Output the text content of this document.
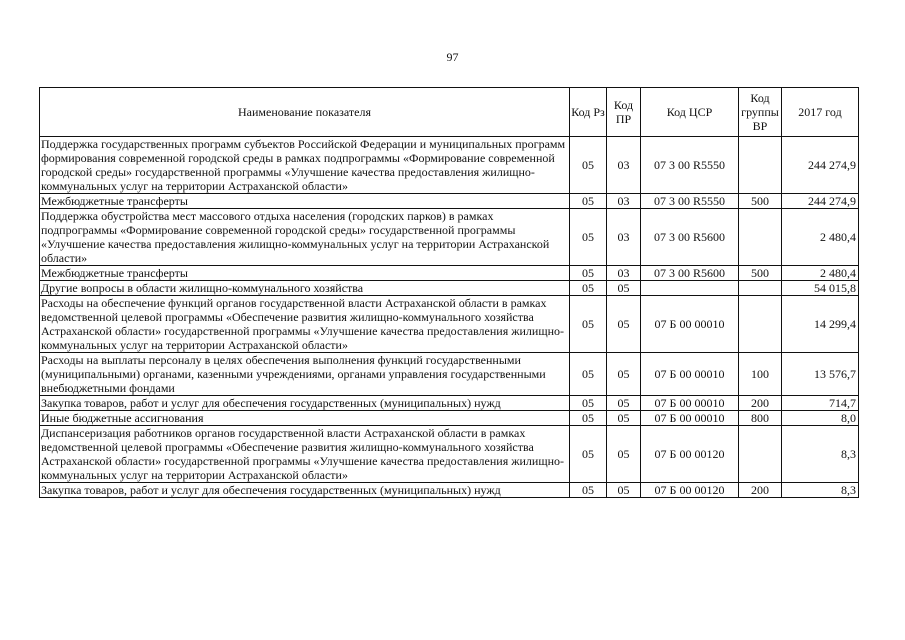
97
Наименование показателя	Код Рз	Код ПР	Код ЦСР	Код группы ВР	2017 год
Поддержка государственных программ субъектов Российской Федерации и муниципальных программ формирования современной городской среды в рамках подпрограммы «Формирование современной городской среды» государственной программы «Улучшение качества предоставления жилищно-коммунальных услуг на территории Астраханской области»	05	03	07 3 00 R5550		244 274,9
Межбюджетные трансферты	05	03	07 3 00 R5550	500	244 274,9
Поддержка обустройства мест массового отдыха населения (городских парков) в рамках подпрограммы «Формирование современной городской среды» государственной программы «Улучшение качества предоставления жилищно-коммунальных услуг на территории Астраханской области»	05	03	07 3 00 R5600		2 480,4
Межбюджетные трансферты	05	03	07 3 00 R5600	500	2 480,4
Другие вопросы в области жилищно-коммунального хозяйства	05	05			54 015,8
Расходы на обеспечение функций органов государственной власти Астраханской области в рамках ведомственной целевой программы «Обеспечение развития жилищно-коммунального хозяйства Астраханской области» государственной программы «Улучшение качества предоставления жилищно-коммунальных услуг на территории Астраханской области»	05	05	07 Б 00 00010		14 299,4
Расходы на выплаты персоналу в целях обеспечения выполнения функций государственными (муниципальными) органами, казенными учреждениями, органами управления государственными внебюджетными фондами	05	05	07 Б 00 00010	100	13 576,7
Закупка товаров, работ и услуг для обеспечения государственных (муниципальных) нужд	05	05	07 Б 00 00010	200	714,7
Иные бюджетные ассигнования	05	05	07 Б 00 00010	800	8,0
Диспансеризация работников органов государственной власти Астраханской области в рамках ведомственной целевой программы «Обеспечение развития жилищно-коммунального хозяйства Астраханской области» государственной программы «Улучшение качества предоставления жилищно-коммунальных услуг на территории Астраханской области»	05	05	07 Б 00 00120		8,3
Закупка товаров, работ и услуг для обеспечения государственных (муниципальных) нужд	05	05	07 Б 00 00120	200	8,3
